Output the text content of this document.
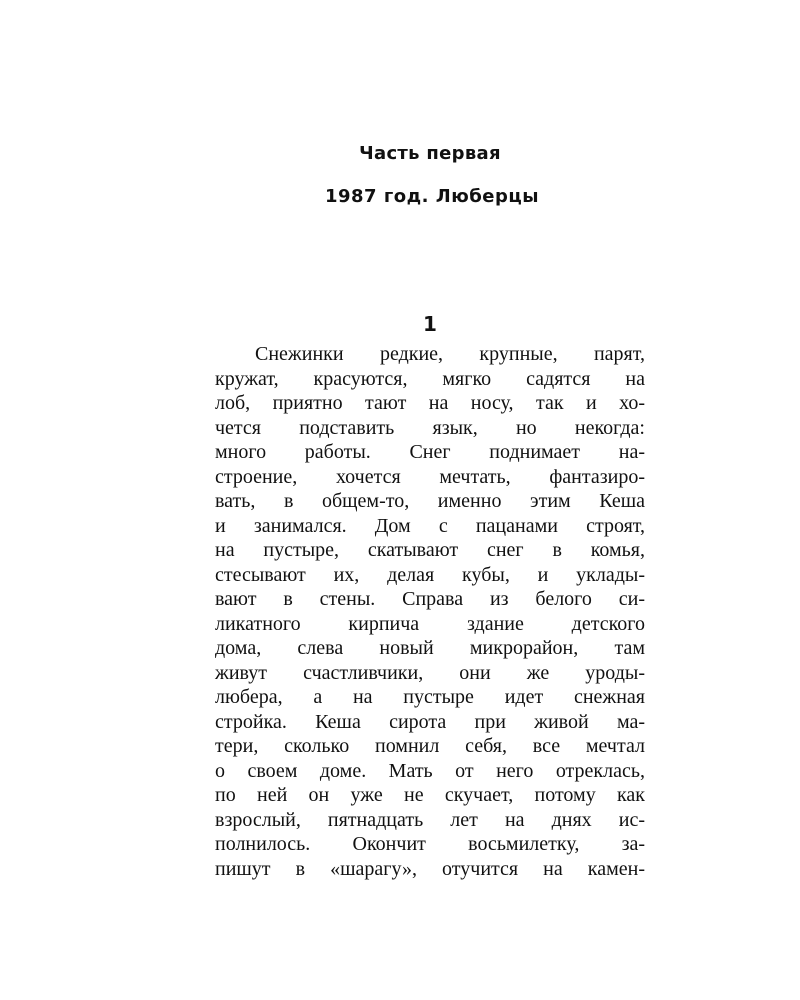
Часть первая
1987 год. Люберцы
1
Снежинки редкие, крупные, парят,
кружат, красуются, мягко садятся на
лоб, приятно тают на носу, так и хо-
чется подставить язык, но некогда:
много работы. Снег поднимает на-
строение, хочется мечтать, фантазиро-
вать, в общем-то, именно этим Кеша
и занимался. Дом с пацанами строят,
на пустыре, скатывают снег в комья,
стесывают их, делая кубы, и уклады-
вают в стены. Справа из белого си-
ликатного кирпича здание детского
дома, слева новый микрорайон, там
живут счастливчики, они же уроды-
любера, а на пустыре идет снежная
стройка. Кеша сирота при живой ма-
тери, сколько помнил себя, все мечтал
о своем доме. Мать от него отреклась,
по ней он уже не скучает, потому как
взрослый, пятнадцать лет на днях ис-
полнилось. Окончит восьмилетку, за-
пишут в «шарагу», отучится на камен-
